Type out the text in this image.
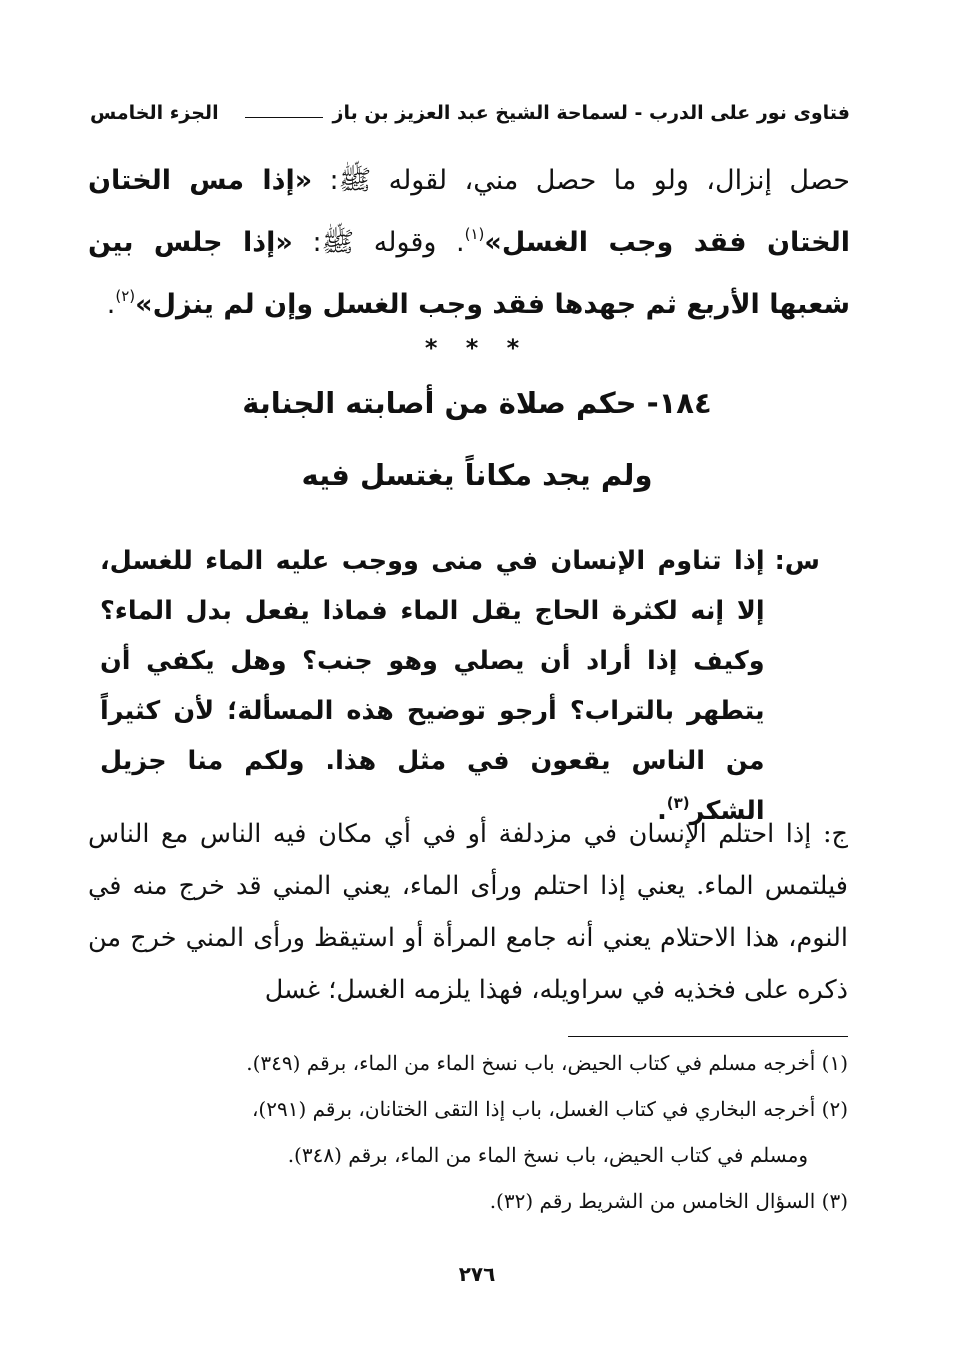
فتاوى نور على الدرب - لسماحة الشيخ عبد العزيز بن باز
الجزء الخامس

حصل إنزال، ولو ما حصل مني، لقوله ﷺ: «إذا مس الختان الختان فقد وجب الغسل»$^{(١)}$. وقوله ﷺ: «إذا جلس بين شعبها الأربع ثم جهدها فقد وجب الغسل وإن لم ينزل»$^{(٢)}$.

* * *
١٨٤- حكم صلاة من أصابته الجنابة
ولم يجد مكاناً يغتسل فيه
س:
إذا تناوم الإنسان في منى ووجب عليه الماء للغسل، إلا إنه لكثرة الحاج يقل الماء فماذا يفعل بدل الماء؟ وكيف إذا أراد أن يصلي وهو جنب؟ وهل يكفي أن يتطهر بالتراب؟ أرجو توضيح هذه المسألة؛ لأن كثيراً من الناس يقعون في مثل هذا. ولكم منا جزيل الشكر$^{(٣)}$.

ج: إذا احتلم الإنسان في مزدلفة أو في أي مكان فيه الناس مع الناس فيلتمس الماء. يعني إذا احتلم ورأى الماء، يعني المني قد خرج منه في النوم، هذا الاحتلام يعني أنه جامع المرأة أو استيقظ ورأى المني خرج من ذكره على فخذيه في سراويله، فهذا يلزمه الغسل؛ غسل

(١) أخرجه مسلم في كتاب الحيض، باب نسخ الماء من الماء، برقم (٣٤٩).
(٢) أخرجه البخاري في كتاب الغسل، باب إذا التقى الختانان، برقم (٢٩١)،
ومسلم في كتاب الحيض، باب نسخ الماء من الماء، برقم (٣٤٨).
(٣) السؤال الخامس من الشريط رقم (٣٢).
٢٧٦
